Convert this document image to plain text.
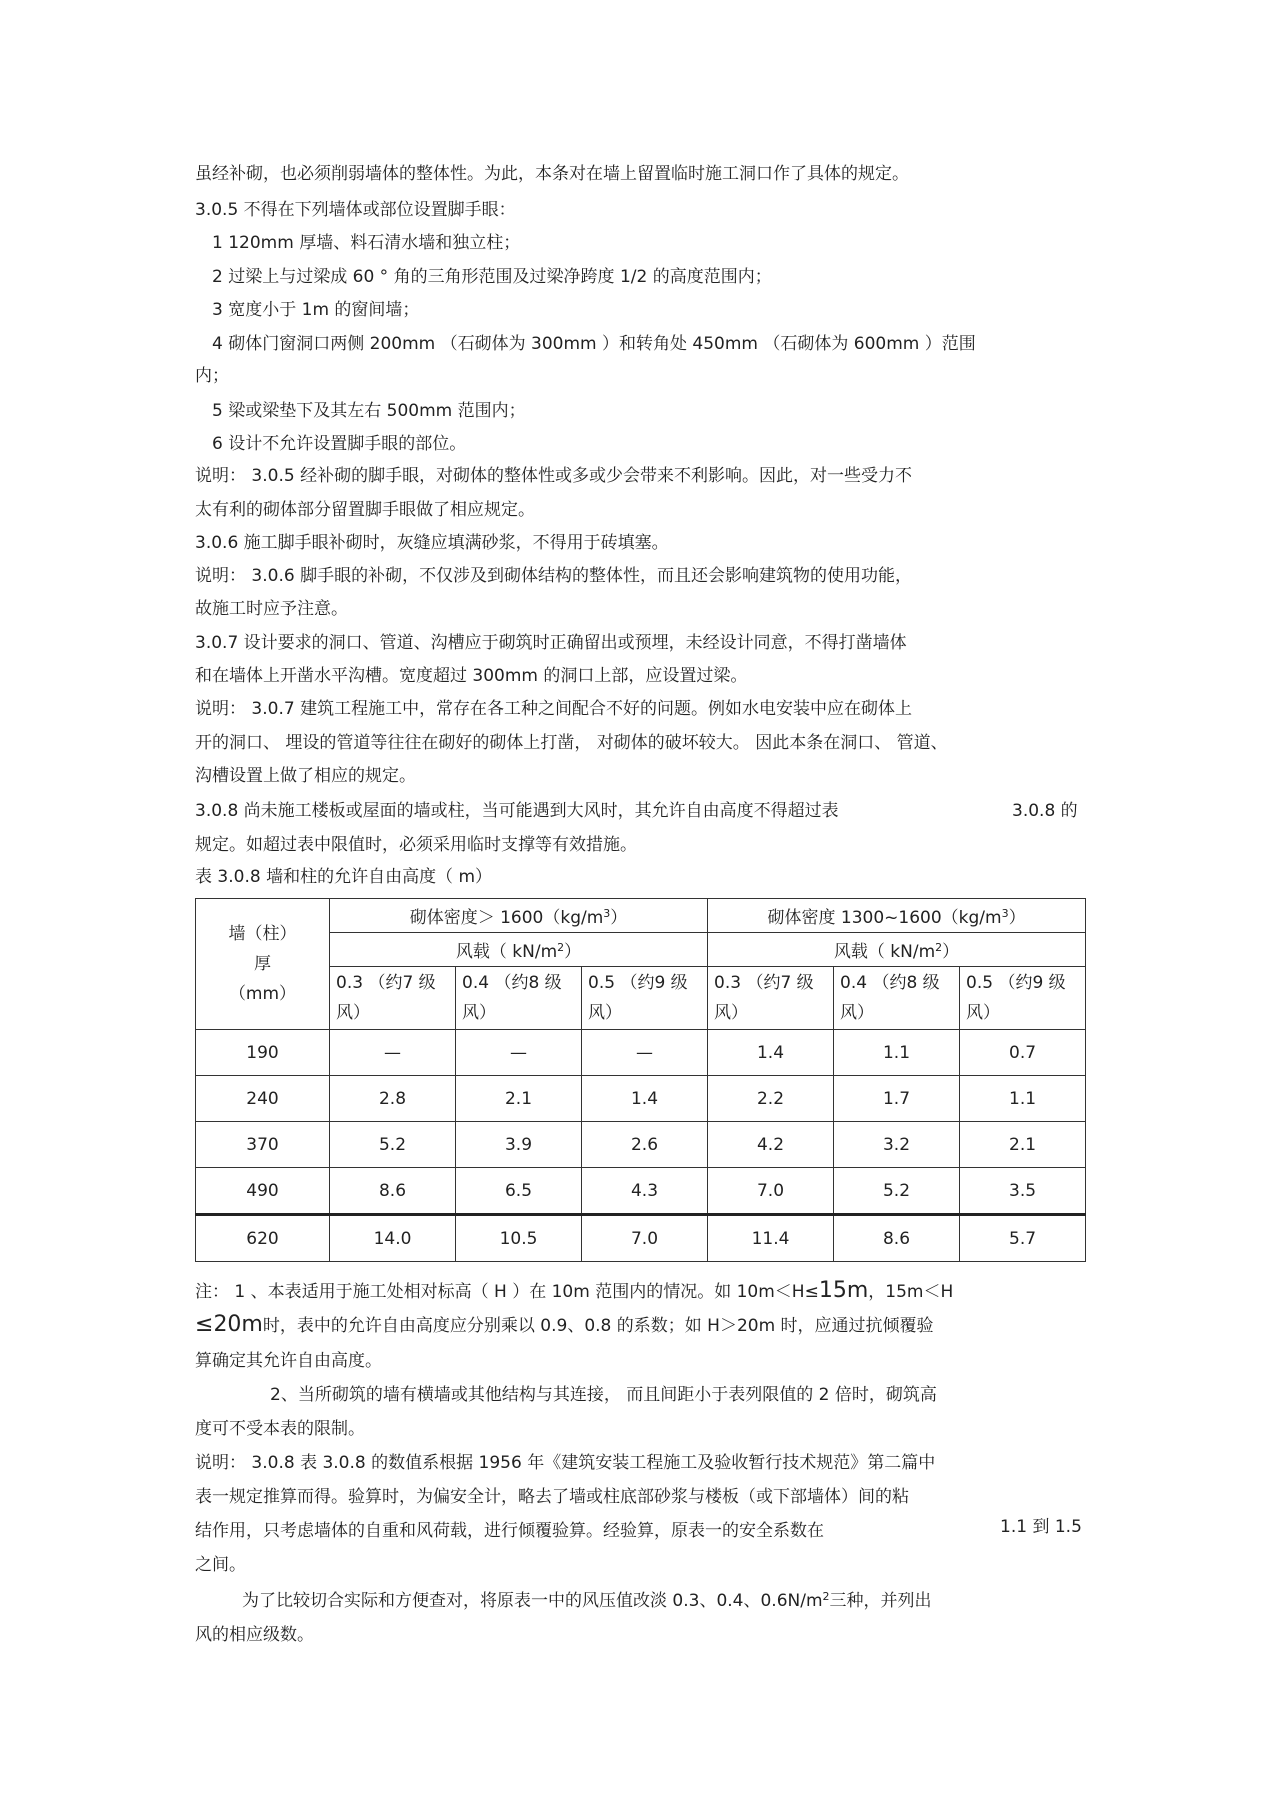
虽经补砌，也必须削弱墙体的整体性。为此，本条对在墙上留置临时施工洞口作了具体的规定。
3.0.5 不得在下列墙体或部位设置脚手眼：
1 120mm 厚墙、料石清水墙和独立柱；
2 过梁上与过梁成 60 ° 角的三角形范围及过梁净跨度 1/2 的高度范围内；
3 宽度小于 1m 的窗间墙；
4 砌体门窗洞口两侧 200mm （石砌体为 300mm ）和转角处 450mm （石砌体为 600mm ）范围
内；
5 梁或梁垫下及其左右 500mm 范围内；
6 设计不允许设置脚手眼的部位。
说明： 3.0.5 经补砌的脚手眼，对砌体的整体性或多或少会带来不利影响。因此，对一些受力不
太有利的砌体部分留置脚手眼做了相应规定。
3.0.6 施工脚手眼补砌时，灰缝应填满砂浆，不得用于砖填塞。
说明： 3.0.6 脚手眼的补砌，不仅涉及到砌体结构的整体性，而且还会影响建筑物的使用功能，
故施工时应予注意。
3.0.7 设计要求的洞口、管道、沟槽应于砌筑时正确留出或预埋，未经设计同意，不得打凿墙体
和在墙体上开凿水平沟槽。宽度超过 300mm 的洞口上部，应设置过梁。
说明： 3.0.7 建筑工程施工中，常存在各工种之间配合不好的问题。例如水电安装中应在砌体上
开的洞口、 埋设的管道等往往在砌好的砌体上打凿， 对砌体的破坏较大。 因此本条在洞口、 管道、
沟槽设置上做了相应的规定。
3.0.8 尚未施工楼板或屋面的墙或柱，当可能遇到大风时，其允许自由高度不得超过表	3.0.8 的
规定。如超过表中限值时，必须采用临时支撑等有效措施。
表 3.0.8 墙和柱的允许自由高度（ m）
墙（柱）
厚
（mm）	砌体密度＞ $1600(kg/m^3)$			砌体密度 $1300\sim 1600(kg/m^3)$		
	风载（ $kN/m^2$）			风载（ $kN/m^2$）		
	0.3 （约7 级
风）	0.4 （约8 级
风）	0.5 （约9 级
风）	0.3 （约7 级
风）	0.4 （约8 级
风）	0.5 （约9 级
风）
190	—	—	—	1.4	1.1	0.7
240	2.8	2.1	1.4	2.2	1.7	1.1
370	5.2	3.9	2.6	4.2	3.2	2.1
490	8.6	6.5	4.3	7.0	5.2	3.5
620	14.0	10.5	7.0	11.4	8.6	5.7
注： 1 、本表适用于施工处相对标高（ H ）在 10m 范围内的情况。如 10m＜H≤15m，15m＜H
≤20m时，表中的允许自由高度应分别乘以 0.9、0.8 的系数；如 H＞20m 时，应通过抗倾覆验
算确定其允许自由高度。
2、当所砌筑的墙有横墙或其他结构与其连接， 而且间距小于表列限值的 2 倍时，砌筑高
度可不受本表的限制。
说明： 3.0.8 表 3.0.8 的数值系根据 1956 年《建筑安装工程施工及验收暂行技术规范》第二篇中
表一规定推算而得。验算时，为偏安全计，略去了墙或柱底部砂浆与楼板（或下部墙体）间的粘
结作用，只考虑墙体的自重和风荷载，进行倾覆验算。经验算，原表一的安全系数在	1.1 到 1.5
之间。
为了比较切合实际和方便查对，将原表一中的风压值改淡 0.3、0.4、$0.6N/m^2$三种，并列出
风的相应级数。
